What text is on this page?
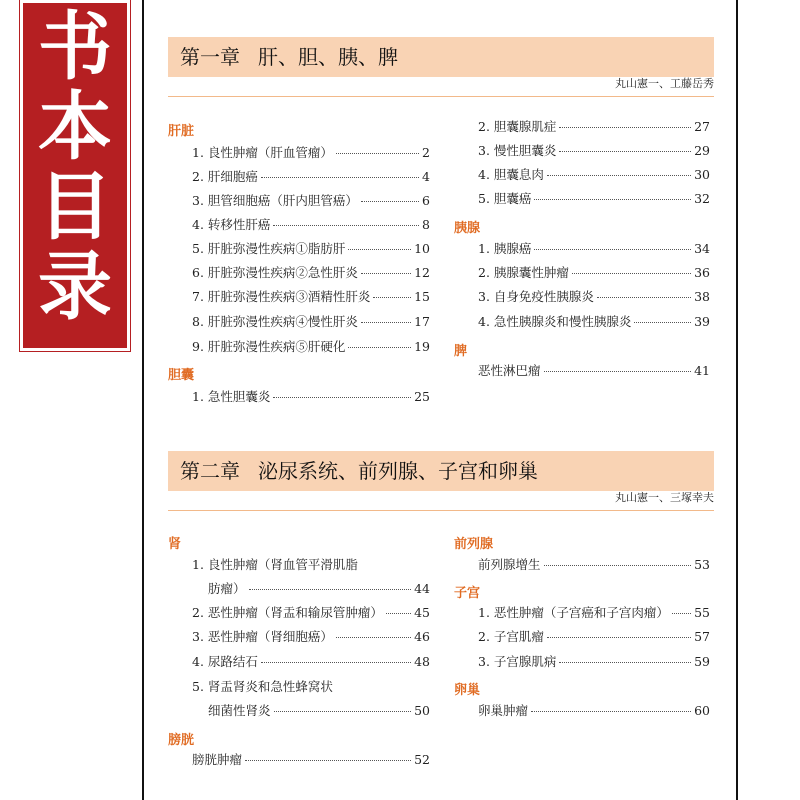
书
本
目
录
第一章 肝、胆、胰、脾
丸山憲一、工藤岳秀
肝脏
1. 良性肿瘤（肝血管瘤）	2
2. 肝细胞癌	4
3. 胆管细胞癌（肝内胆管癌）	6
4. 转移性肝癌	8
5. 肝脏弥漫性疾病①脂肪肝	10
6. 肝脏弥漫性疾病②急性肝炎	12
7. 肝脏弥漫性疾病③酒精性肝炎	15
8. 肝脏弥漫性疾病④慢性肝炎	17
9. 肝脏弥漫性疾病⑤肝硬化	19
胆囊
1. 急性胆囊炎	25
2. 胆囊腺肌症	27
3. 慢性胆囊炎	29
4. 胆囊息肉	30
5. 胆囊癌	32
胰腺
1. 胰腺癌	34
2. 胰腺囊性肿瘤	36
3. 自身免疫性胰腺炎	38
4. 急性胰腺炎和慢性胰腺炎	39
脾
恶性淋巴瘤	41
第二章 泌尿系统、前列腺、子宫和卵巢
丸山憲一、三塚幸夫
肾
1. 良性肿瘤（肾血管平滑肌脂
肪瘤）	44
2. 恶性肿瘤（肾盂和输尿管肿瘤） 45
3. 恶性肿瘤（肾细胞癌）	46
4. 尿路结石	48
5. 肾盂肾炎和急性蜂窝状
细菌性肾炎	50
膀胱
膀胱肿瘤	52
前列腺
前列腺增生	53
子宫
1. 恶性肿瘤（子宫癌和子宫肉瘤） 55
2. 子宫肌瘤	57
3. 子宫腺肌病	59
卵巢
卵巢肿瘤	60
